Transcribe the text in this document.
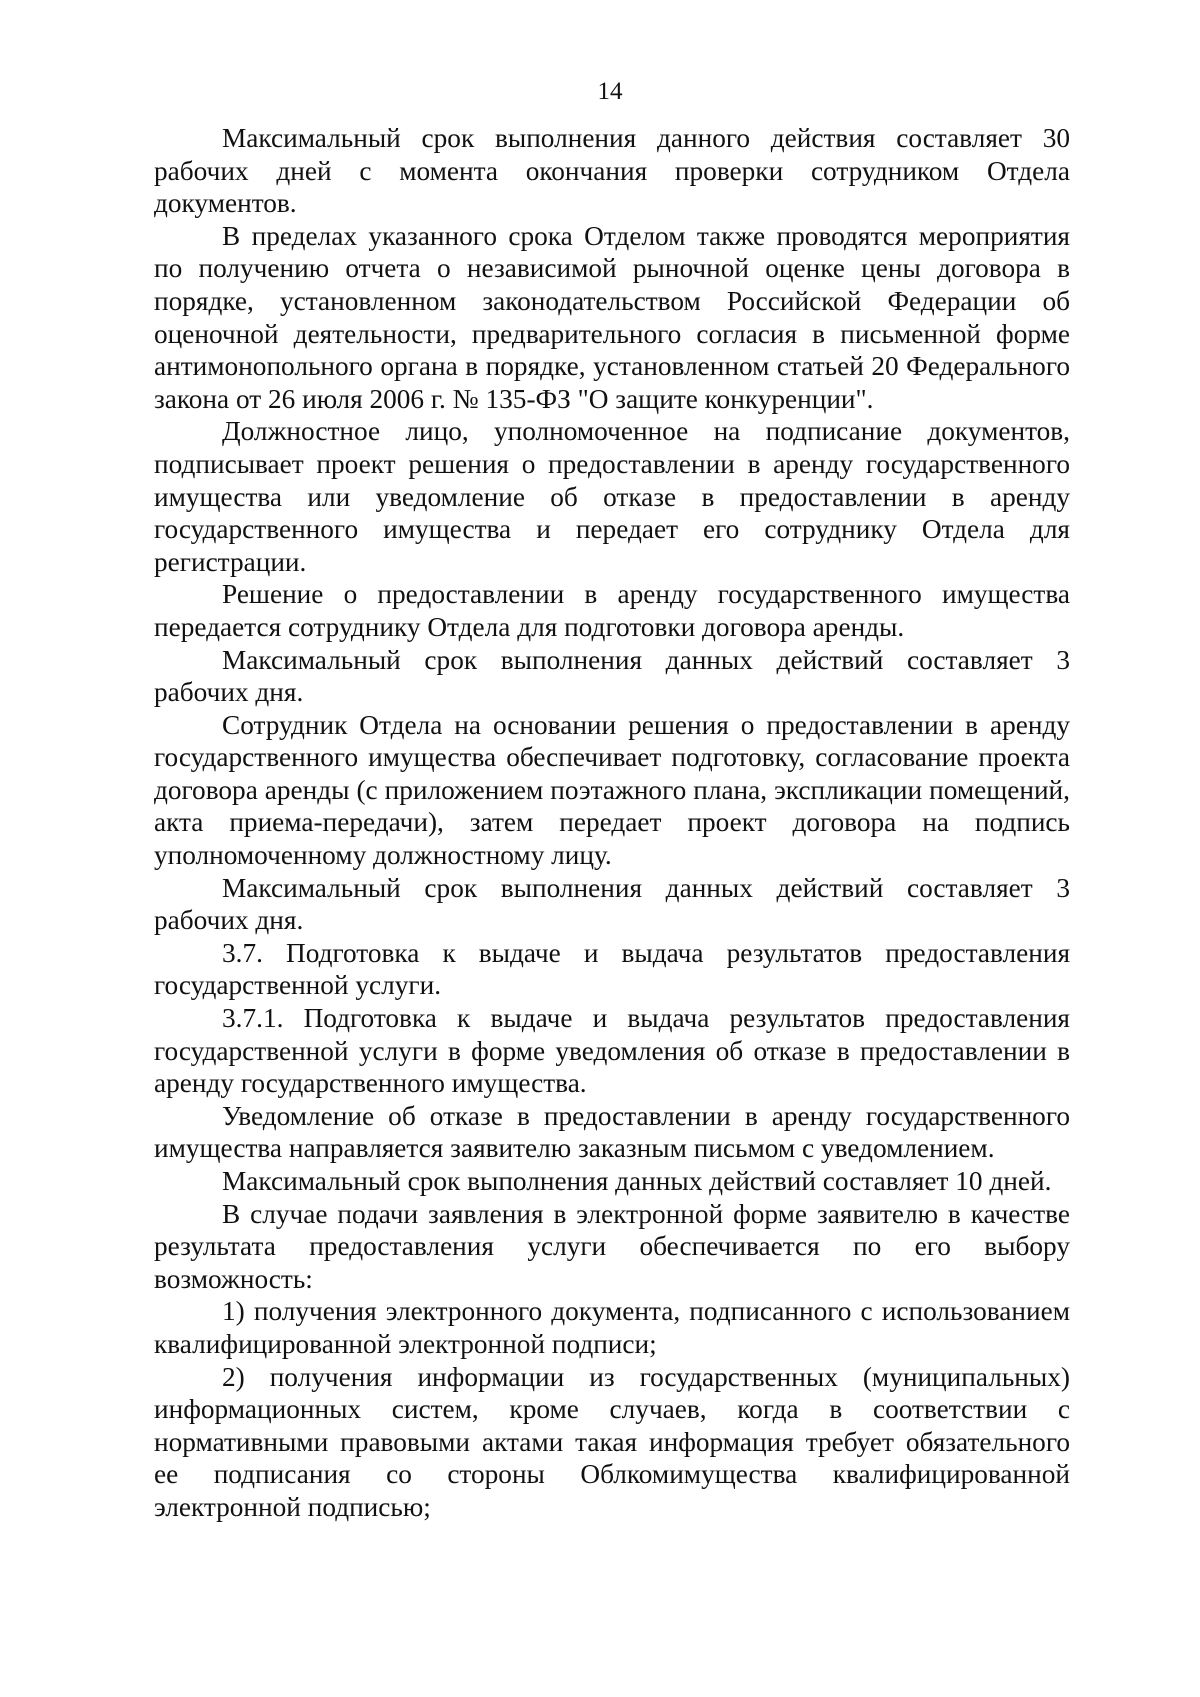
14

Максимальный срок выполнения данного действия составляет 30 рабочих дней с момента окончания проверки сотрудником Отдела документов.

В пределах указанного срока Отделом также проводятся мероприятия по получению отчета о независимой рыночной оценке цены договора в порядке, установленном законодательством Российской Федерации об оценочной деятельности, предварительного согласия в письменной форме антимонопольного органа в порядке, установленном статьей 20 Федерального закона от 26 июля 2006 г. № 135-ФЗ "О защите конкуренции".

Должностное лицо, уполномоченное на подписание документов, подписывает проект решения о предоставлении в аренду государственного имущества или уведомление об отказе в предоставлении в аренду государственного имущества и передает его сотруднику Отдела для регистрации.

Решение о предоставлении в аренду государственного имущества передается сотруднику Отдела для подготовки договора аренды.

Максимальный срок выполнения данных действий составляет 3 рабочих дня.

Сотрудник Отдела на основании решения о предоставлении в аренду государственного имущества обеспечивает подготовку, согласование проекта договора аренды (с приложением поэтажного плана, экспликации помещений, акта приема-передачи), затем передает проект договора на подпись уполномоченному должностному лицу.

Максимальный срок выполнения данных действий составляет 3 рабочих дня.

3.7. Подготовка к выдаче и выдача результатов предоставления государственной услуги.

3.7.1. Подготовка к выдаче и выдача результатов предоставления государственной услуги в форме уведомления об отказе в предоставлении в аренду государственного имущества.

Уведомление об отказе в предоставлении в аренду государственного имущества направляется заявителю заказным письмом с уведомлением.

Максимальный срок выполнения данных действий составляет 10 дней.

В случае подачи заявления в электронной форме заявителю в качестве результата предоставления услуги обеспечивается по его выбору возможность:

1) получения электронного документа, подписанного с использованием квалифицированной электронной подписи;

2) получения информации из государственных (муниципальных) информационных систем, кроме случаев, когда в соответствии с нормативными правовыми актами такая информация требует обязательного ее подписания со стороны Облкомимущества квалифицированной электронной подписью;
